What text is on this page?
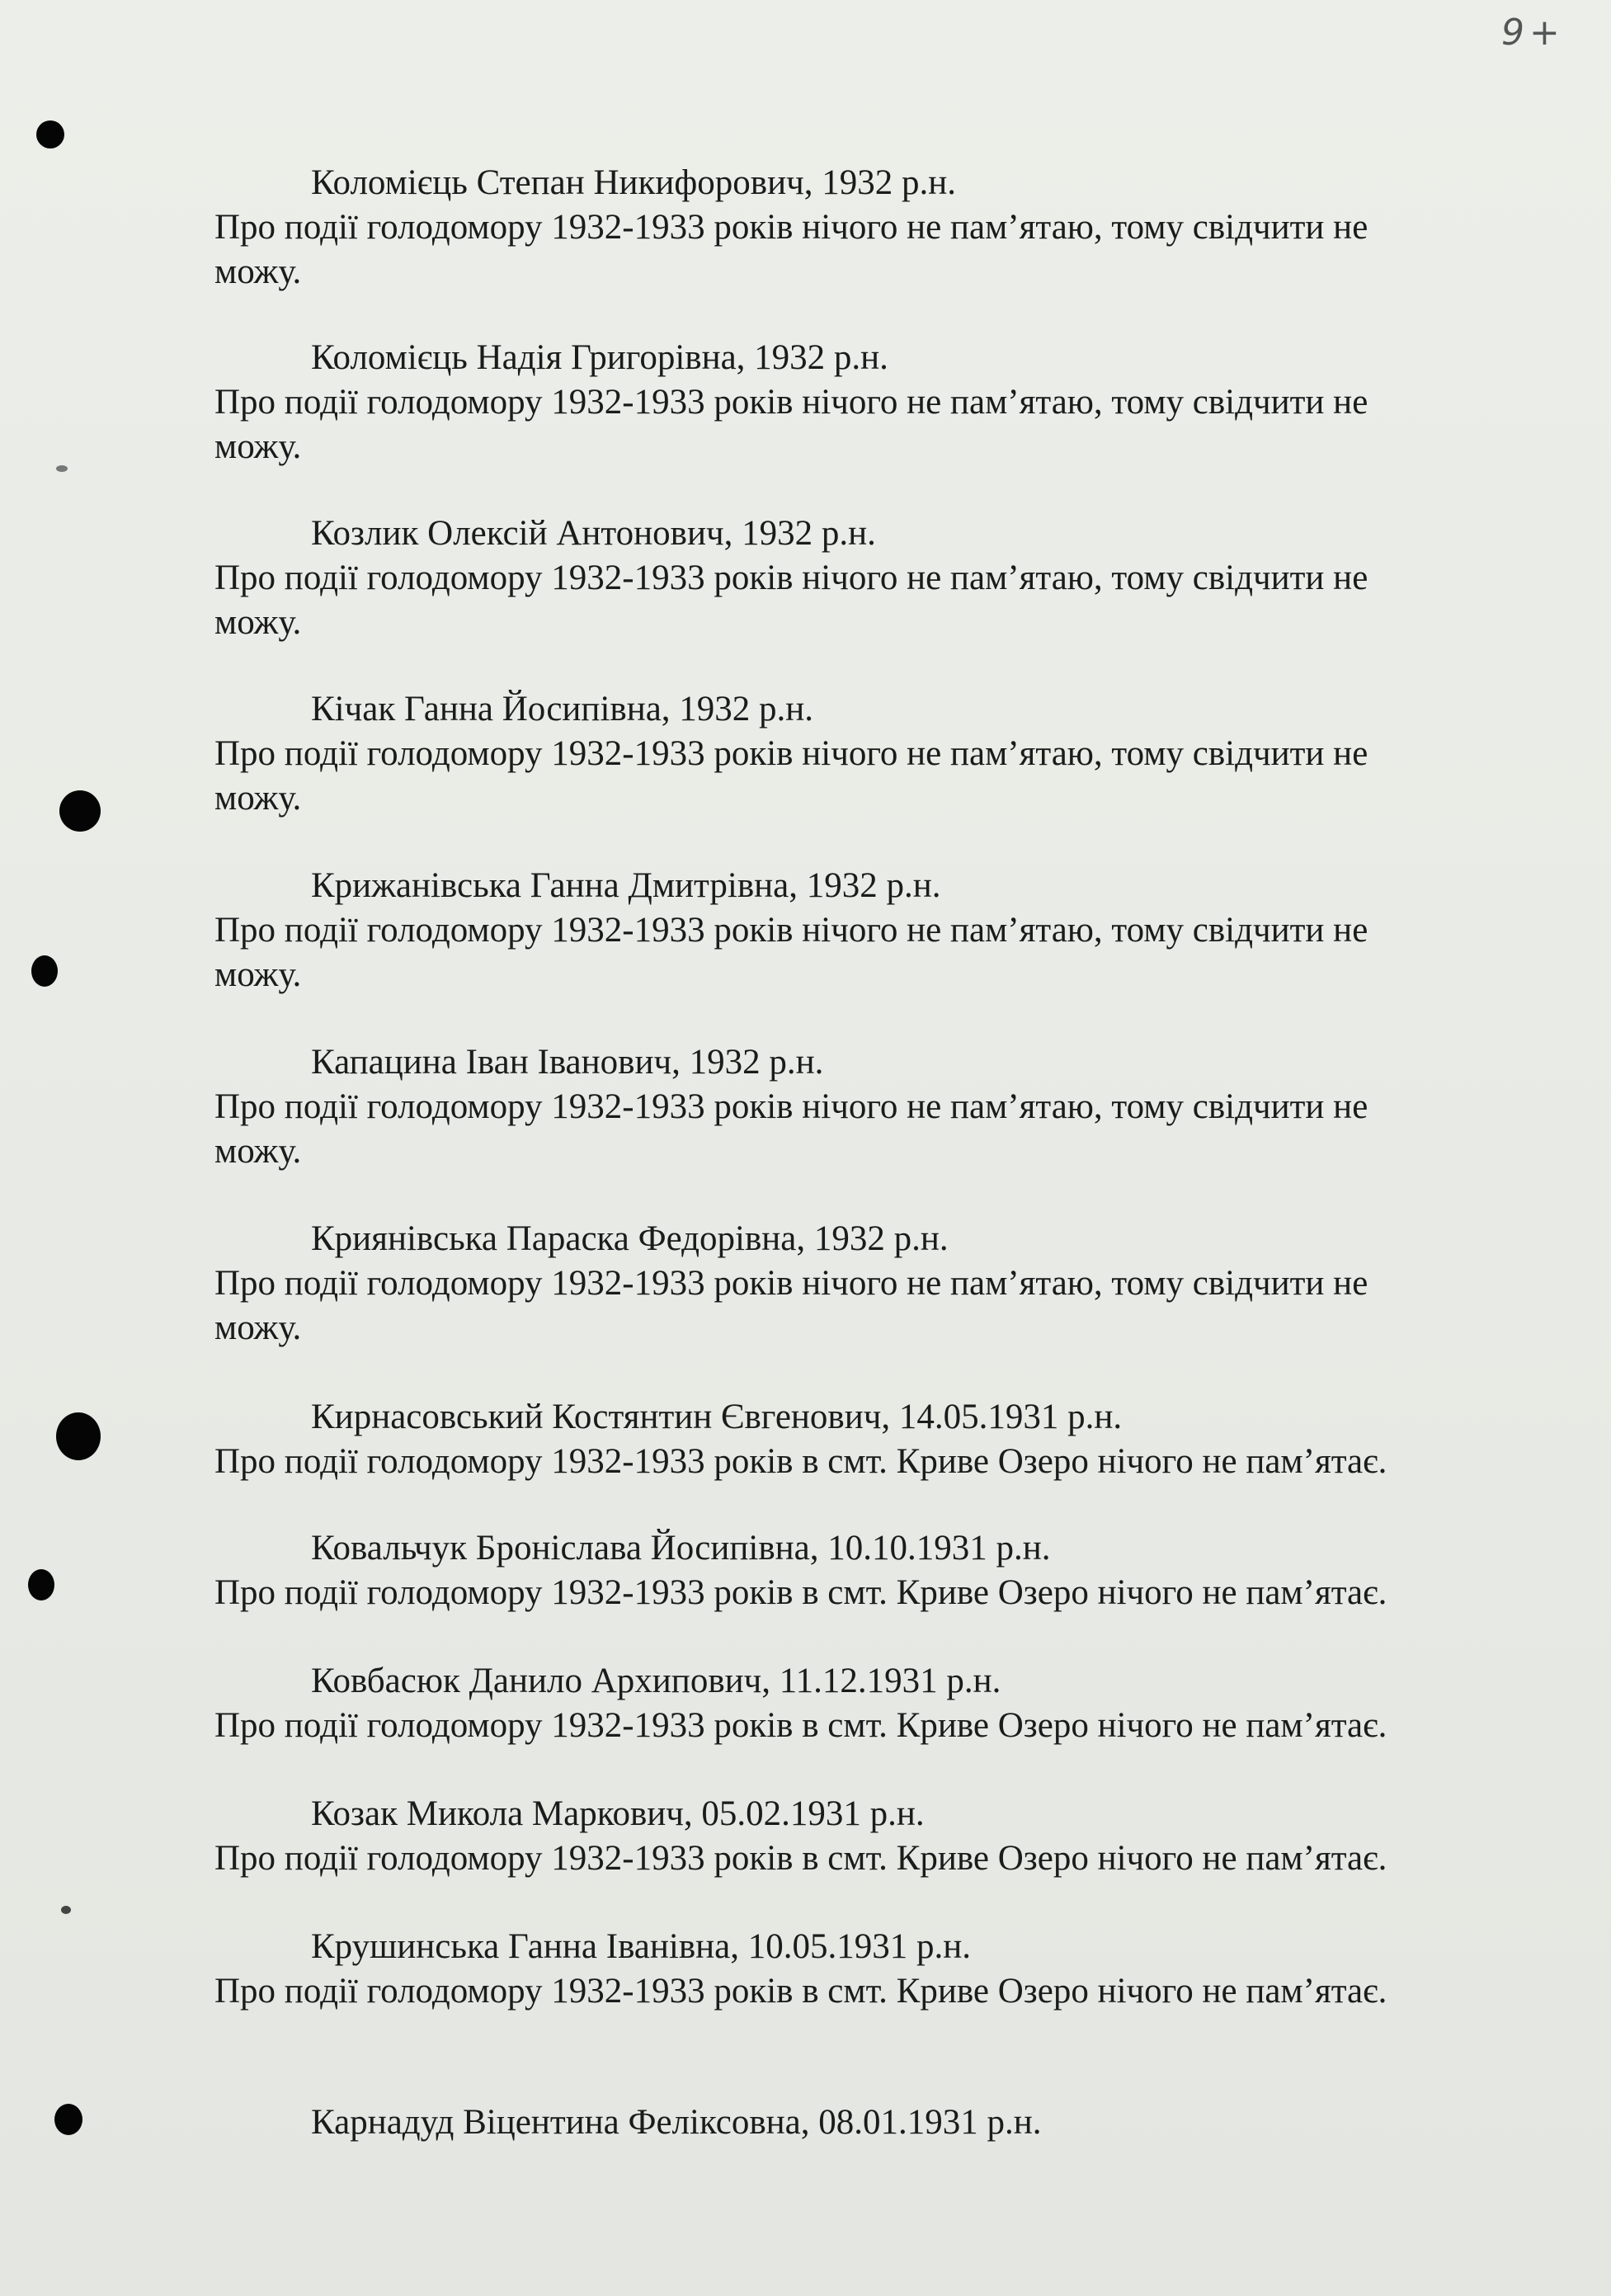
9+
Коломієць Степан Никифорович, 1932 р.н.
Про події голодомору 1932-1933 років нічого не пам’ятаю, тому свідчити не
можу.
Коломієць Надія Григорівна, 1932 р.н.
Про події голодомору 1932-1933 років нічого не пам’ятаю, тому свідчити не
можу.
Козлик Олексій Антонович, 1932 р.н.
Про події голодомору 1932-1933 років нічого не пам’ятаю, тому свідчити не
можу.
Кічак Ганна Йосипівна, 1932 р.н.
Про події голодомору 1932-1933 років нічого не пам’ятаю, тому свідчити не
можу.
Крижанівська Ганна Дмитрівна, 1932 р.н.
Про події голодомору 1932-1933 років нічого не пам’ятаю, тому свідчити не
можу.
Капацина Іван Іванович, 1932 р.н.
Про події голодомору 1932-1933 років нічого не пам’ятаю, тому свідчити не
можу.
Криянівська Параска Федорівна, 1932 р.н.
Про події голодомору 1932-1933 років нічого не пам’ятаю, тому свідчити не
можу.
Кирнасовський Костянтин Євгенович, 14.05.1931 р.н.
Про події голодомору 1932-1933 років в смт. Криве Озеро нічого не пам’ятає.
Ковальчук Броніслава Йосипівна, 10.10.1931 р.н.
Про події голодомору 1932-1933 років в смт. Криве Озеро нічого не пам’ятає.
Ковбасюк Данило Архипович, 11.12.1931 р.н.
Про події голодомору 1932-1933 років в смт. Криве Озеро нічого не пам’ятає.
Козак Микола Маркович, 05.02.1931 р.н.
Про події голодомору 1932-1933 років в смт. Криве Озеро нічого не пам’ятає.
Крушинська Ганна Іванівна, 10.05.1931 р.н.
Про події голодомору 1932-1933 років в смт. Криве Озеро нічого не пам’ятає.
Карнадуд Віцентина Феліксовна, 08.01.1931 р.н.
